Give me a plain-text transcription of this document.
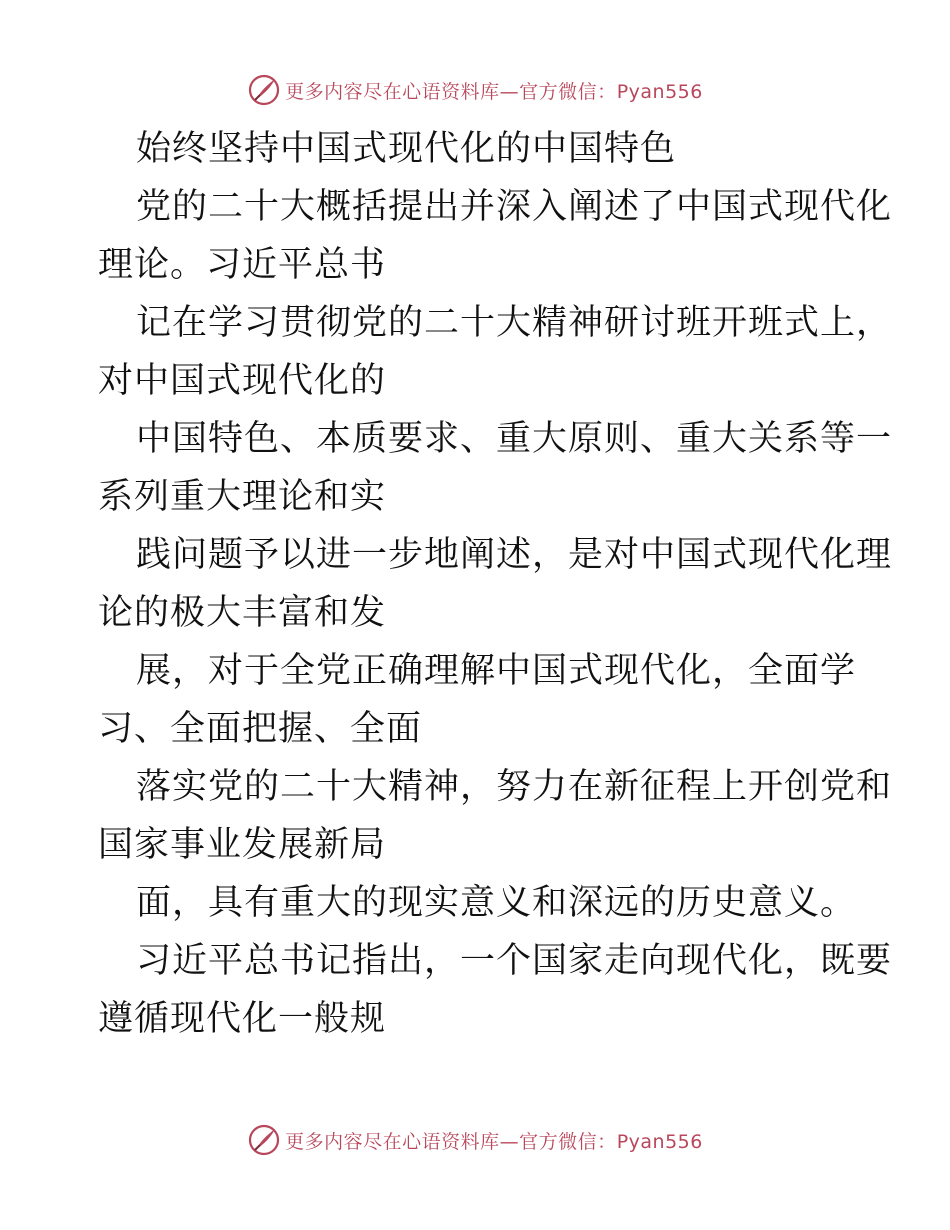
更多内容尽在心语资料库—官方微信：Pyan556
始终坚持中国式现代化的中国特色
党的二十大概括提出并深入阐述了中国式现代化
理论。习近平总书
记在学习贯彻党的二十大精神研讨班开班式上，
对中国式现代化的
中国特色、本质要求、重大原则、重大关系等一
系列重大理论和实
践问题予以进一步地阐述，是对中国式现代化理
论的极大丰富和发
展，对于全党正确理解中国式现代化，全面学
习、全面把握、全面
落实党的二十大精神，努力在新征程上开创党和
国家事业发展新局
面，具有重大的现实意义和深远的历史意义。
习近平总书记指出，一个国家走向现代化，既要
遵循现代化一般规
更多内容尽在心语资料库—官方微信：Pyan556
